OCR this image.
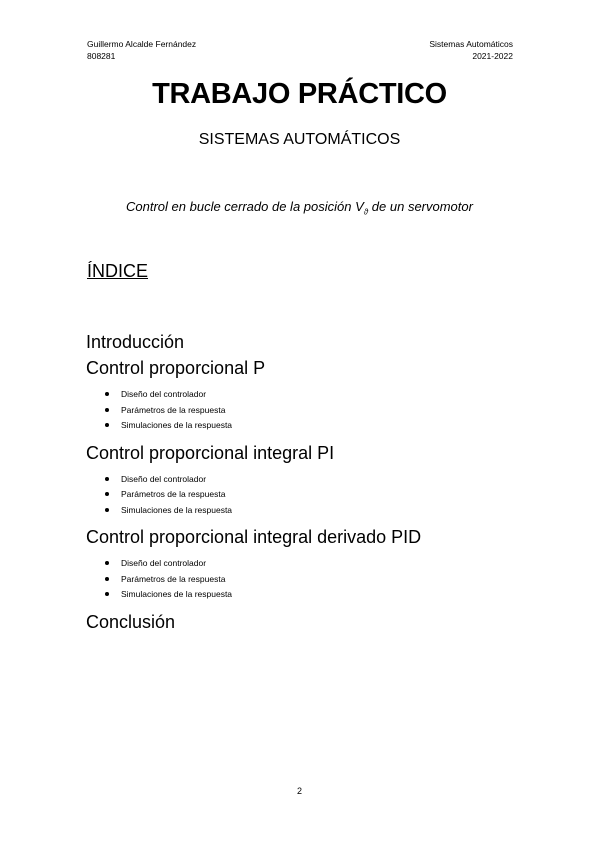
Guillermo Alcalde Fernández
808281
Sistemas Automáticos
2021-2022
TRABAJO PRÁCTICO
SISTEMAS AUTOMÁTICOS
Control en bucle cerrado de la posición $V_ϑ$ de un servomotor
ÍNDICE
Introducción
Control proporcional P
Diseño del controlador
Parámetros de la respuesta
Simulaciones de la respuesta
Control proporcional integral PI
Diseño del controlador
Parámetros de la respuesta
Simulaciones de la respuesta
Control proporcional integral derivado PID
Diseño del controlador
Parámetros de la respuesta
Simulaciones de la respuesta
Conclusión
2
